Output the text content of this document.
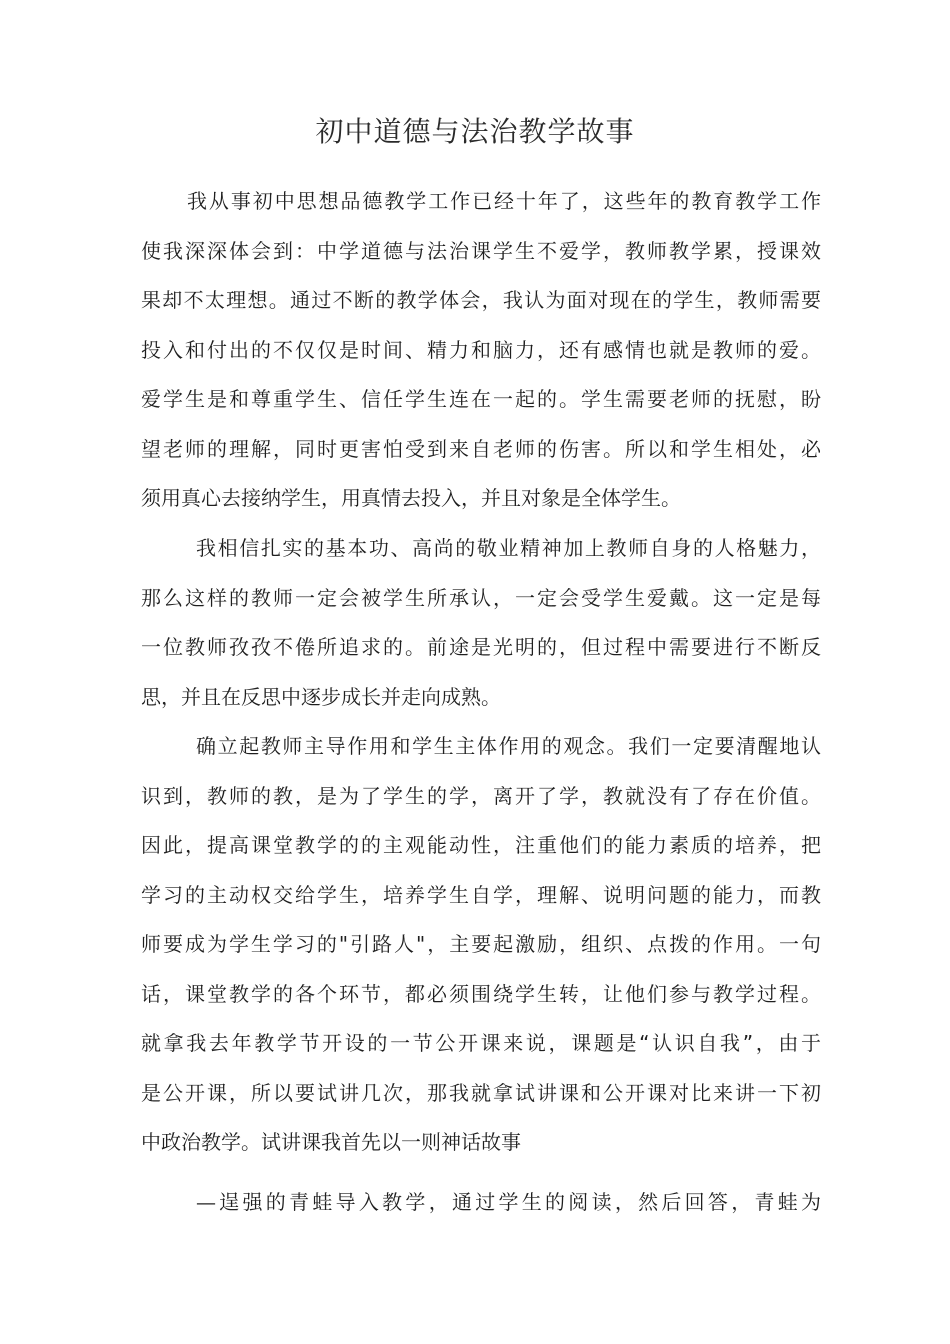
初中道德与法治教学故事
我从事初中思想品德教学工作已经十年了，这些年的教育教学工作
使我深深体会到：中学道德与法治课学生不爱学，教师教学累，授课效
果却不太理想。通过不断的教学体会，我认为面对现在的学生，教师需要
投入和付出的不仅仅是时间、精力和脑力，还有感情也就是教师的爱。
爱学生是和尊重学生、信任学生连在一起的。学生需要老师的抚慰，盼
望老师的理解，同时更害怕受到来自老师的伤害。所以和学生相处，必
须用真心去接纳学生，用真情去投入，并且对象是全体学生。
我相信扎实的基本功、高尚的敬业精神加上教师自身的人格魅力，
那么这样的教师一定会被学生所承认，一定会受学生爱戴。这一定是每
一位教师孜孜不倦所追求的。前途是光明的，但过程中需要进行不断反
思，并且在反思中逐步成长并走向成熟。
确立起教师主导作用和学生主体作用的观念。我们一定要清醒地认
识到，教师的教，是为了学生的学，离开了学，教就没有了存在价值。
因此，提高课堂教学的的主观能动性，注重他们的能力素质的培养，把
学习的主动权交给学生，培养学生自学，理解、说明问题的能力，而教
师要成为学生学习的"引路人"，主要起激励，组织、点拨的作用。一句
话，课堂教学的各个环节，都必须围绕学生转，让他们参与教学过程。
就拿我去年教学节开设的一节公开课来说，课题是“认识自我”，由于
是公开课，所以要试讲几次，那我就拿试讲课和公开课对比来讲一下初
中政治教学。试讲课我首先以一则神话故事
—逞强的青蛙导入教学，通过学生的阅读，然后回答，青蛙为
